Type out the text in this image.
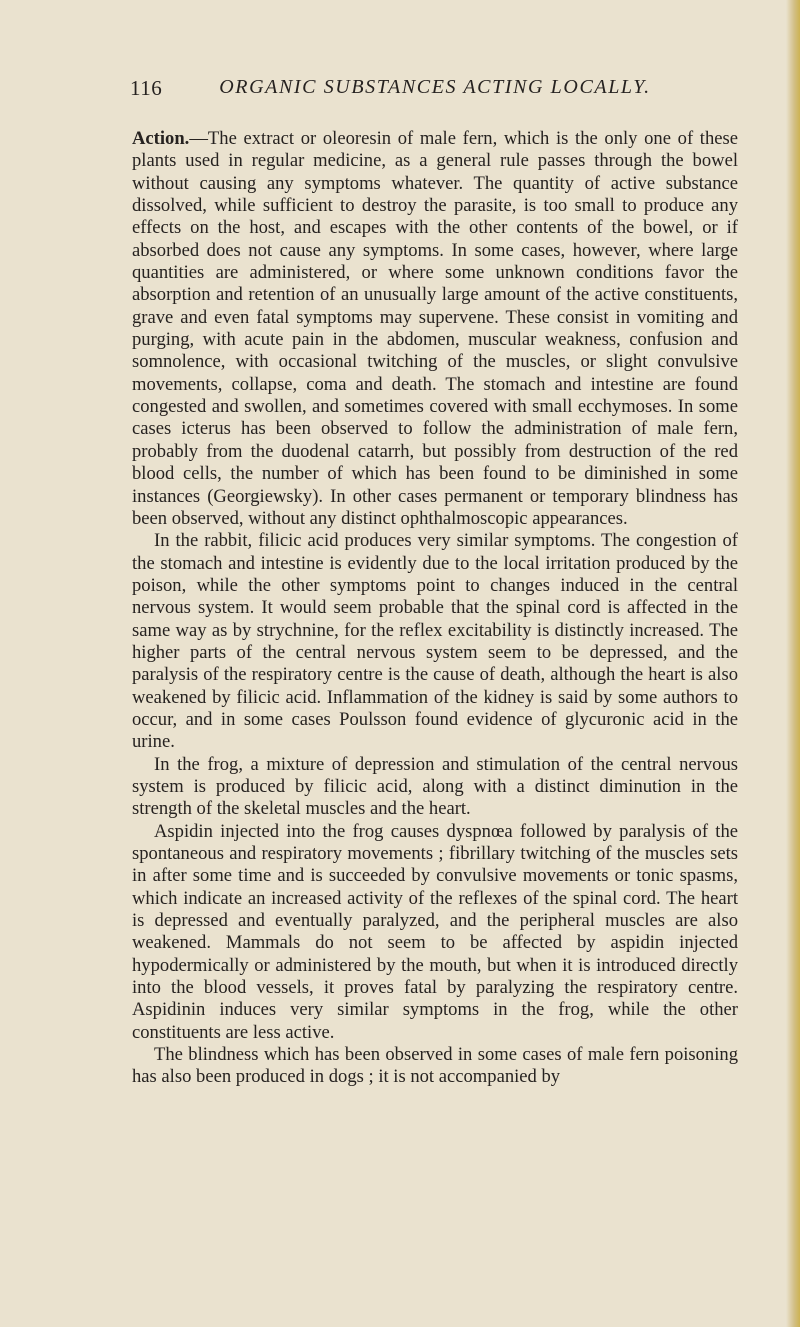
116	ORGANIC SUBSTANCES ACTING LOCALLY.

Action.—The extract or oleoresin of male fern, which is the only one of these plants used in regular medicine, as a general rule passes through the bowel without causing any symptoms whatever. The quantity of active substance dissolved, while sufficient to destroy the parasite, is too small to produce any effects on the host, and escapes with the other contents of the bowel, or if absorbed does not cause any symptoms. In some cases, however, where large quantities are administered, or where some unknown conditions favor the absorption and retention of an unusually large amount of the active constituents, grave and even fatal symptoms may supervene. These consist in vomiting and purging, with acute pain in the abdomen, muscular weakness, confusion and somnolence, with occasional twitching of the muscles, or slight convulsive movements, collapse, coma and death. The stomach and intestine are found congested and swollen, and sometimes covered with small ecchymoses. In some cases icterus has been observed to follow the administration of male fern, probably from the duodenal catarrh, but possibly from destruction of the red blood cells, the number of which has been found to be diminished in some instances (Georgiewsky). In other cases permanent or temporary blindness has been observed, without any distinct ophthalmoscopic appearances.

In the rabbit, filicic acid produces very similar symptoms. The congestion of the stomach and intestine is evidently due to the local irritation produced by the poison, while the other symptoms point to changes induced in the central nervous system. It would seem probable that the spinal cord is affected in the same way as by strychnine, for the reflex excitability is distinctly increased. The higher parts of the central nervous system seem to be depressed, and the paralysis of the respiratory centre is the cause of death, although the heart is also weakened by filicic acid. Inflammation of the kidney is said by some authors to occur, and in some cases Poulsson found evidence of glycuronic acid in the urine.

In the frog, a mixture of depression and stimulation of the central nervous system is produced by filicic acid, along with a distinct diminution in the strength of the skeletal muscles and the heart.

Aspidin injected into the frog causes dyspnœa followed by paralysis of the spontaneous and respiratory movements ; fibrillary twitching of the muscles sets in after some time and is succeeded by convulsive movements or tonic spasms, which indicate an increased activity of the reflexes of the spinal cord. The heart is depressed and eventually paralyzed, and the peripheral muscles are also weakened. Mammals do not seem to be affected by aspidin injected hypodermically or administered by the mouth, but when it is introduced directly into the blood vessels, it proves fatal by paralyzing the respiratory centre. Aspidinin induces very similar symptoms in the frog, while the other constituents are less active.

The blindness which has been observed in some cases of male fern poisoning has also been produced in dogs ; it is not accompanied by
